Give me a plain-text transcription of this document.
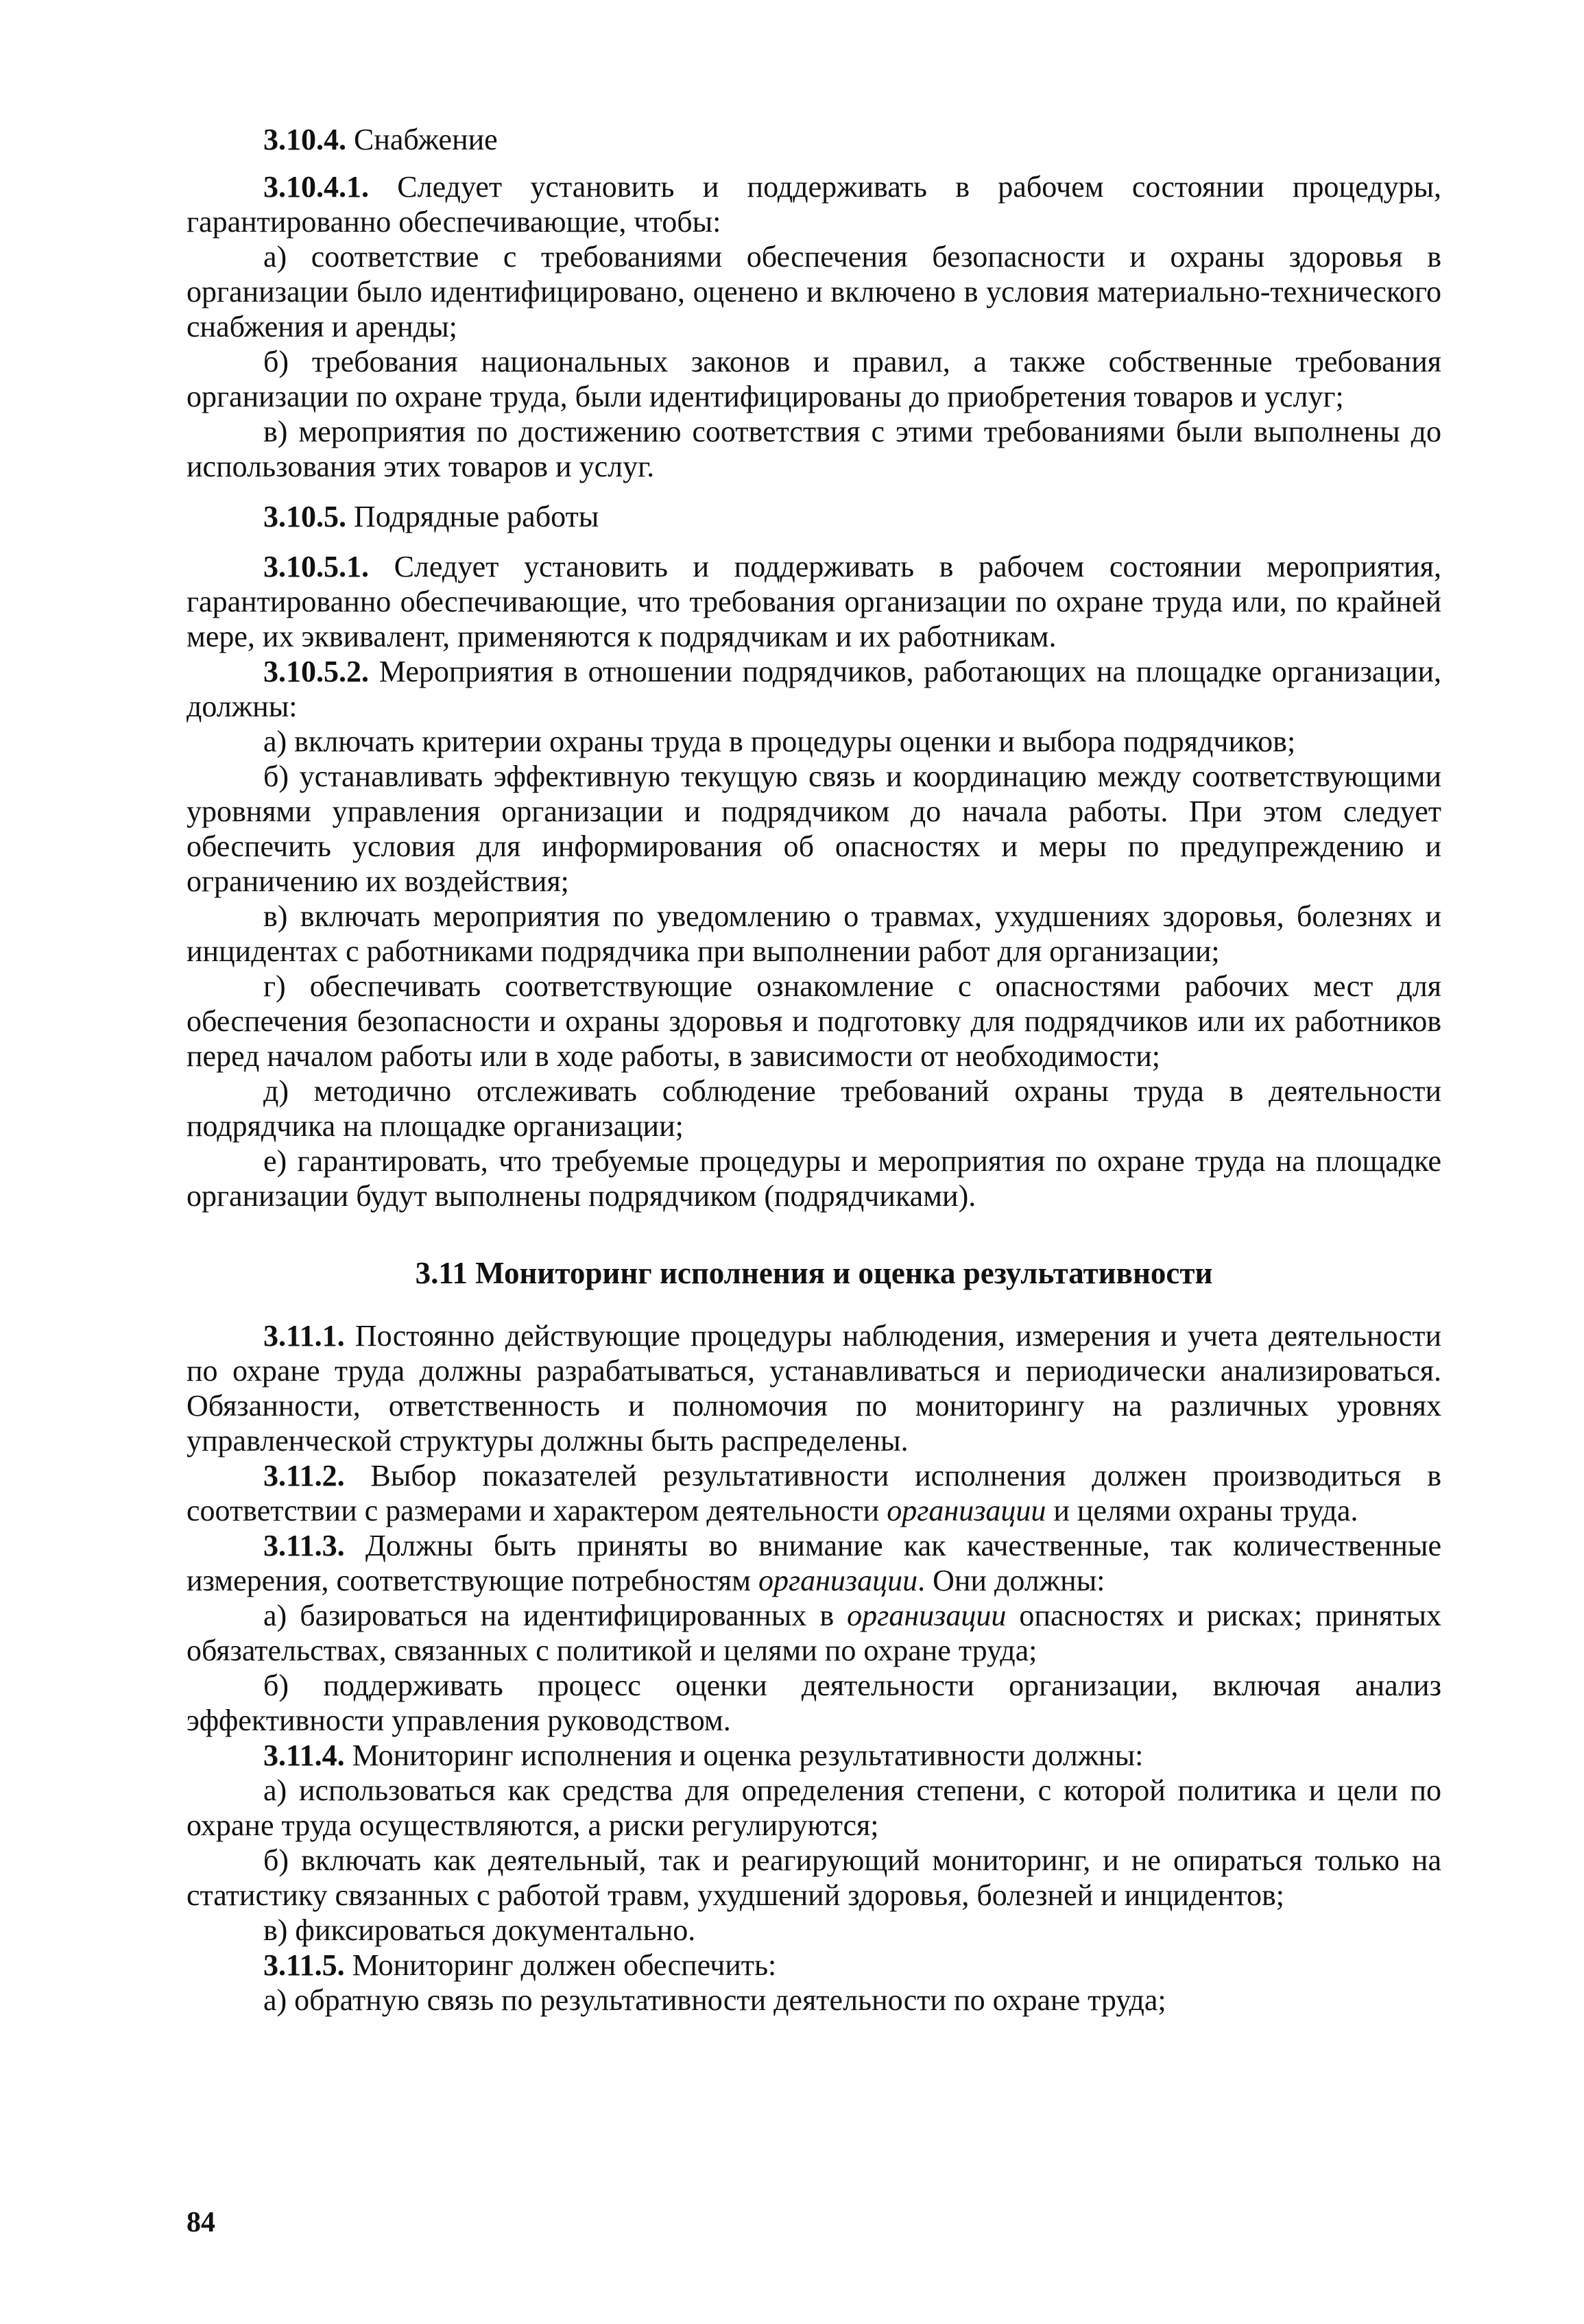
3.10.4. Снабжение

3.10.4.1. Следует установить и поддерживать в рабочем состоянии процедуры, гарантированно обеспечивающие, чтобы:

а) соответствие с требованиями обеспечения безопасности и охраны здоровья в организации было идентифицировано, оценено и включено в условия материально-технического снабжения и аренды;

б) требования национальных законов и правил, а также собственные требования организации по охране труда, были идентифицированы до приобретения товаров и услуг;

в) мероприятия по достижению соответствия с этими требованиями были выполнены до использования этих товаров и услуг.

3.10.5. Подрядные работы

3.10.5.1. Следует установить и поддерживать в рабочем состоянии мероприятия, гарантированно обеспечивающие, что требования организации по охране труда или, по крайней мере, их эквивалент, применяются к подрядчикам и их работникам.

3.10.5.2. Мероприятия в отношении подрядчиков, работающих на площадке организации, должны:

а) включать критерии охраны труда в процедуры оценки и выбора подрядчиков;

б) устанавливать эффективную текущую связь и координацию между соответствующими уровнями управления организации и подрядчиком до начала работы. При этом следует обеспечить условия для информирования об опасностях и меры по предупреждению и ограничению их воздействия;

в) включать мероприятия по уведомлению о травмах, ухудшениях здоровья, болезнях и инцидентах с работниками подрядчика при выполнении работ для организации;

г) обеспечивать соответствующие ознакомление с опасностями рабочих мест для обеспечения безопасности и охраны здоровья и подготовку для подрядчиков или их работников перед началом работы или в ходе работы, в зависимости от необходимости;

д) методично отслеживать соблюдение требований охраны труда в деятельности подрядчика на площадке организации;

е) гарантировать, что требуемые процедуры и мероприятия по охране труда на площадке организации будут выполнены подрядчиком (подрядчиками).

3.11 Мониторинг исполнения и оценка результативности

3.11.1. Постоянно действующие процедуры наблюдения, измерения и учета деятельности по охране труда должны разрабатываться, устанавливаться и периодически анализироваться. Обязанности, ответственность и полномочия по мониторингу на различных уровнях управленческой структуры должны быть распределены.

3.11.2. Выбор показателей результативности исполнения должен производиться в соответствии с размерами и характером деятельности организации и целями охраны труда.

3.11.3. Должны быть приняты во внимание как качественные, так количественные измерения, соответствующие потребностям организации. Они должны:

а) базироваться на идентифицированных в организации опасностях и рисках; принятых обязательствах, связанных с политикой и целями по охране труда;

б) поддерживать процесс оценки деятельности организации, включая анализ эффективности управления руководством.

3.11.4. Мониторинг исполнения и оценка результативности должны:

а) использоваться как средства для определения степени, с которой политика и цели по охране труда осуществляются, а риски регулируются;

б) включать как деятельный, так и реагирующий мониторинг, и не опираться только на статистику связанных с работой травм, ухудшений здоровья, болезней и инцидентов;

в) фиксироваться документально.

3.11.5. Мониторинг должен обеспечить:

а) обратную связь по результативности деятельности по охране труда;

84
